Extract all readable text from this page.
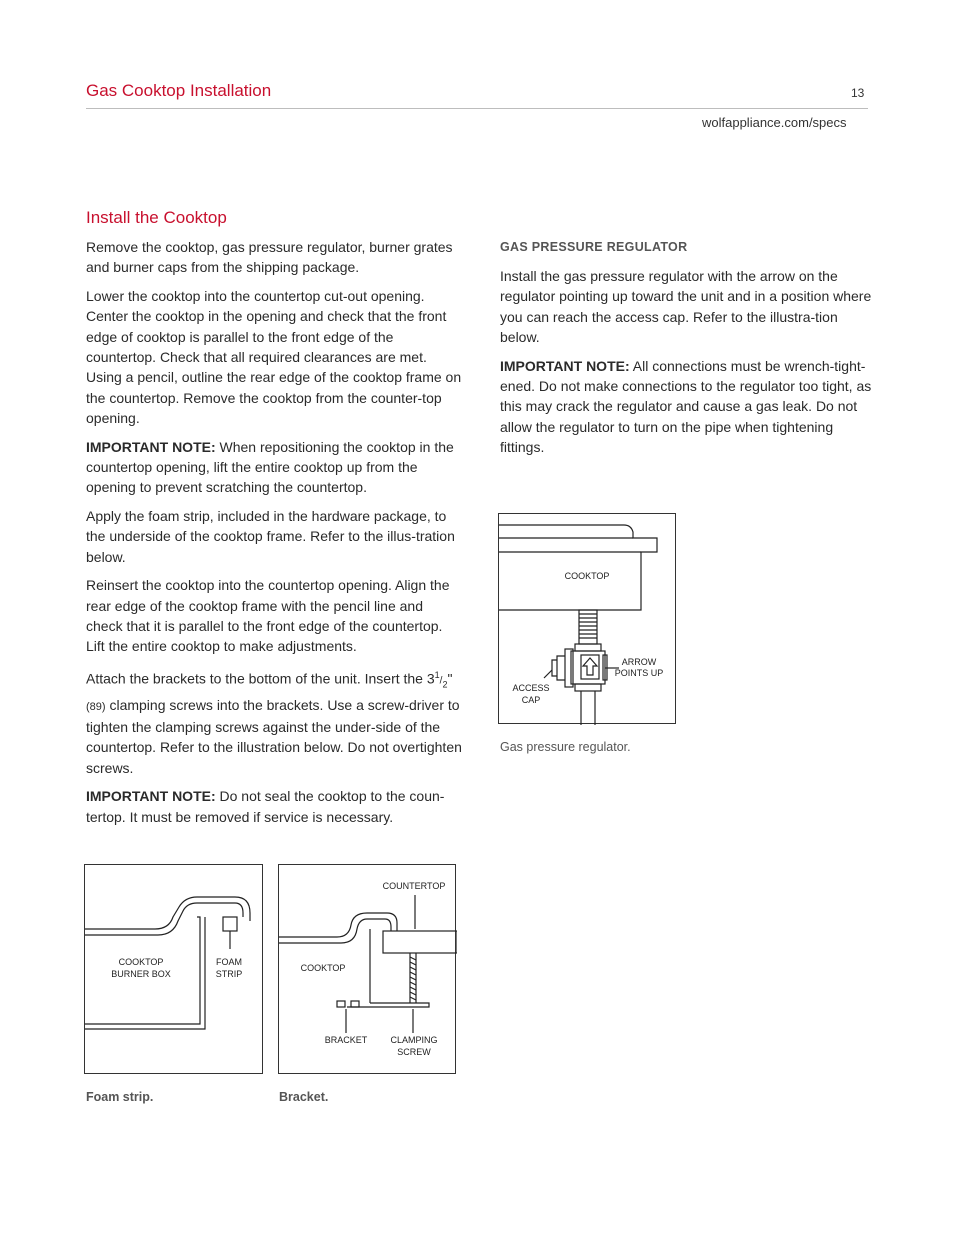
Gas Cooktop Installation	13
wolfappliance.com/specs
Install the Cooktop

Remove the cooktop, gas pressure regulator, burner grates and burner caps from the shipping package.

Lower the cooktop into the countertop cut-out opening. Center the cooktop in the opening and check that the front edge of cooktop is parallel to the front edge of the countertop. Check that all required clearances are met. Using a pencil, outline the rear edge of the cooktop frame on the countertop. Remove the cooktop from the counter-top opening.

IMPORTANT NOTE: When repositioning the cooktop in the countertop opening, lift the entire cooktop up from the opening to prevent scratching the countertop.

Apply the foam strip, included in the hardware package, to the underside of the cooktop frame. Refer to the illus-tration below.

Reinsert the cooktop into the countertop opening. Align the rear edge of the cooktop frame with the pencil line and check that it is parallel to the front edge of the countertop. Lift the entire cooktop to make adjustments.

Attach the brackets to the bottom of the unit. Insert the $3^1/_2$" (89) clamping screws into the brackets. Use a screw-driver to tighten the clamping screws against the under-side of the countertop. Refer to the illustration below. Do not overtighten screws.

IMPORTANT NOTE: Do not seal the cooktop to the coun-tertop. It must be removed if service is necessary.

GAS PRESSURE REGULATOR

Install the gas pressure regulator with the arrow on the regulator pointing up toward the unit and in a position where you can reach the access cap. Refer to the illustra-tion below.

IMPORTANT NOTE: All connections must be wrench-tight-ened. Do not make connections to the regulator too tight, as this may crack the regulator and cause a gas leak. Do not allow the regulator to turn on the pipe when tightening fittings.

COOKTOP
ARROW
POINTS UP
ACCESS
CAP
Gas pressure regulator.
COOKTOP
BURNER BOX
FOAM
STRIP
Foam strip.
COUNTERTOP
COOKTOP
BRACKET	CLAMPING
SCREW
Bracket.
